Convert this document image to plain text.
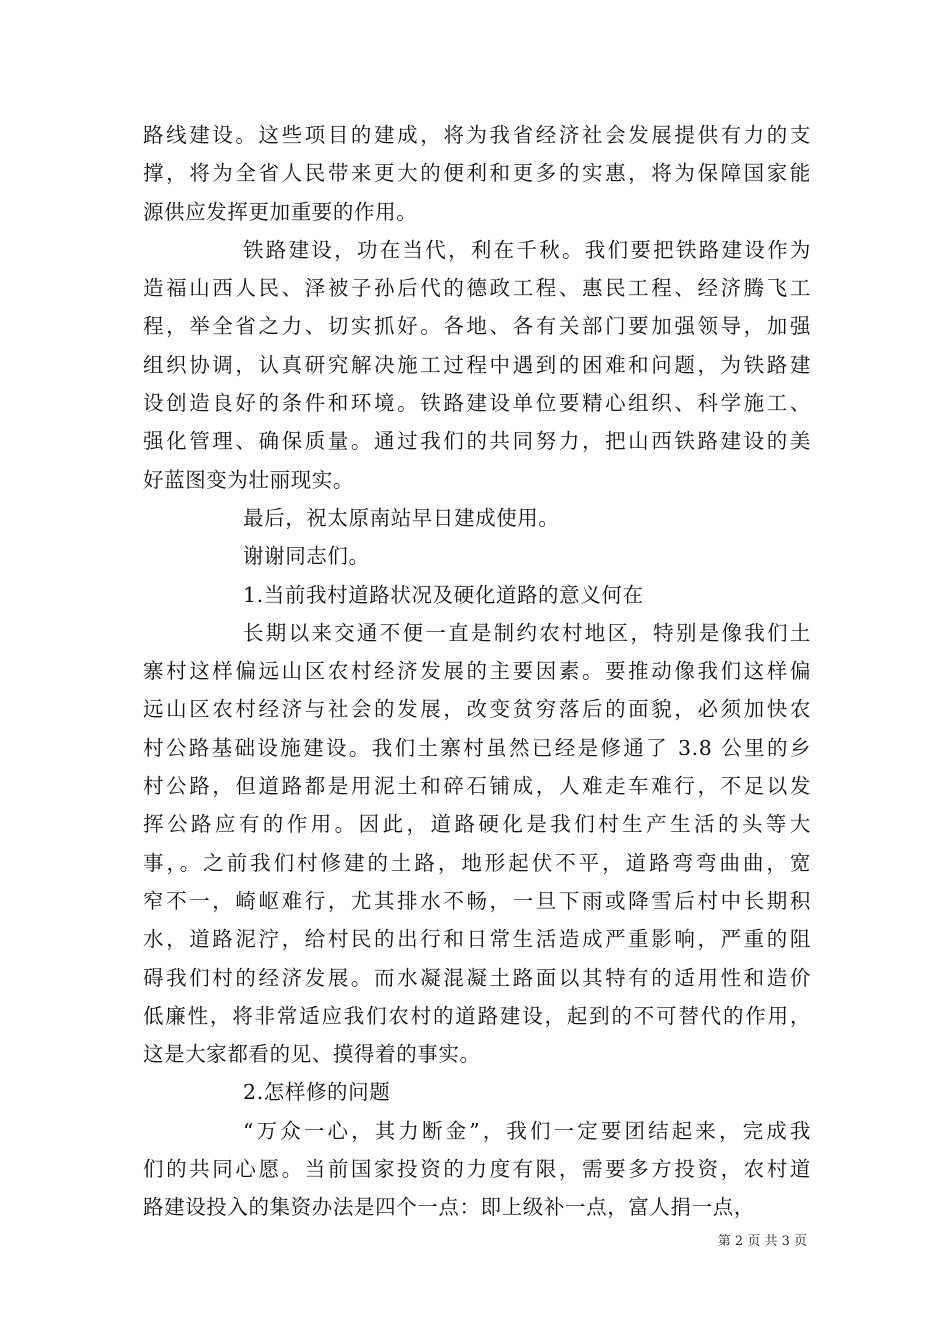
路线建设。这些项目的建成，将为我省经济社会发展提供有力的支
撑，将为全省人民带来更大的便利和更多的实惠，将为保障国家能
源供应发挥更加重要的作用。
铁路建设，功在当代，利在千秋。我们要把铁路建设作为
造福山西人民、泽被子孙后代的德政工程、惠民工程、经济腾飞工
程，举全省之力、切实抓好。各地、各有关部门要加强领导，加强
组织协调，认真研究解决施工过程中遇到的困难和问题，为铁路建
设创造良好的条件和环境。铁路建设单位要精心组织、科学施工、
强化管理、确保质量。通过我们的共同努力，把山西铁路建设的美
好蓝图变为壮丽现实。
最后，祝太原南站早日建成使用。
谢谢同志们。
1.当前我村道路状况及硬化道路的意义何在
长期以来交通不便一直是制约农村地区，特别是像我们土
寨村这样偏远山区农村经济发展的主要因素。要推动像我们这样偏
远山区农村经济与社会的发展，改变贫穷落后的面貌，必须加快农
村公路基础设施建设。我们土寨村虽然已经是修通了 3.8 公里的乡
村公路，但道路都是用泥土和碎石铺成，人难走车难行，不足以发
挥公路应有的作用。因此，道路硬化是我们村生产生活的头等大
事，。之前我们村修建的土路，地形起伏不平，道路弯弯曲曲，宽
窄不一，崎岖难行，尤其排水不畅，一旦下雨或降雪后村中长期积
水，道路泥泞，给村民的出行和日常生活造成严重影响，严重的阻
碍我们村的经济发展。而水凝混凝土路面以其特有的适用性和造价
低廉性，将非常适应我们农村的道路建设，起到的不可替代的作用，
这是大家都看的见、摸得着的事实。
2.怎样修的问题
“万众一心，其力断金”，我们一定要团结起来，完成我
们的共同心愿。当前国家投资的力度有限，需要多方投资，农村道
路建设投入的集资办法是四个一点：即上级补一点，富人捐一点，
第 2 页 共 3 页
